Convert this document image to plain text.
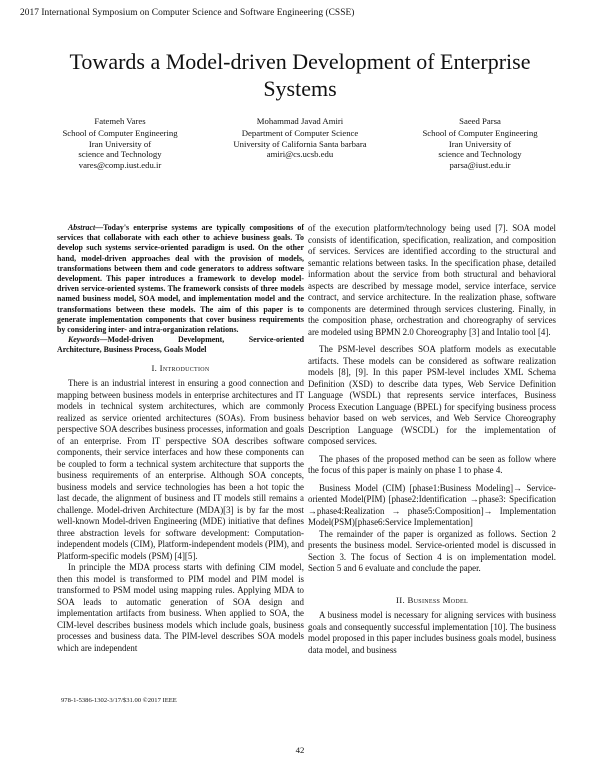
2017 International Symposium on Computer Science and Software Engineering (CSSE)
Towards a Model-driven Development of Enterprise Systems
Fatemeh Vares
School of Computer Engineering
Iran University of
science and Technology
vares@comp.iust.edu.ir
Mohammad Javad Amiri
Department of Computer Science
University of California Santa barbara
amiri@cs.ucsb.edu
Saeed Parsa
School of Computer Engineering
Iran University of
science and Technology
parsa@iust.edu.ir

Abstract—Today's enterprise systems are typically compositions of services that collaborate with each other to achieve business goals. To develop such systems service-oriented paradigm is used. On the other hand, model-driven approaches deal with the provision of models, transformations between them and code generators to address software development. This paper introduces a framework to develop model-driven service-oriented systems. The framework consists of three models named business model, SOA model, and implementation model and the transformations between these models. The aim of this paper is to generate implementation components that cover business requirements by considering inter- and intra-organization relations.

Keywords—Model-driven Development, Service-oriented Architecture, Business Process, Goals Model

I. Introduction

There is an industrial interest in ensuring a good connection and mapping between business models in enterprise architectures and IT models in technical system architectures, which are commonly realized as service oriented architectures (SOAs). From business perspective SOA describes business processes, information and goals of an enterprise. From IT perspective SOA describes software components, their service interfaces and how these components can be coupled to form a technical system architecture that supports the business requirements of an enterprise. Although SOA concepts, business models and service technologies has been a hot topic the last decade, the alignment of business and IT models still remains a challenge. Model-driven Architecture (MDA)[3] is by far the most well-known Model-driven Engineering (MDE) initiative that defines three abstraction levels for software development: Computation-independent models (CIM), Platform-independent models (PIM), and Platform-specific models (PSM) [4][5].

In principle the MDA process starts with defining CIM model, then this model is transformed to PIM model and PIM model is transformed to PSM model using mapping rules. Applying MDA to SOA leads to automatic generation of SOA design and implementation artifacts from business. When applied to SOA, the CIM-level describes business models which include goals, business processes and business data. The PIM-level describes SOA models which are independent

of the execution platform/technology being used [7]. SOA model consists of identification, specification, realization, and composition of services. Services are identified according to the structural and semantic relations between tasks. In the specification phase, detailed information about the service from both structural and behavioral aspects are described by message model, service interface, service contract, and service architecture. In the realization phase, software components are determined through services clustering. Finally, in the composition phase, orchestration and choreography of services are modeled using BPMN 2.0 Choreography [3] and Intalio tool [4].

The PSM-level describes SOA platform models as executable artifacts. These models can be considered as software realization models [8], [9]. In this paper PSM-level includes XML Schema Definition (XSD) to describe data types, Web Service Definition Language (WSDL) that represents service interfaces, Business Process Execution Language (BPEL) for specifying business process behavior based on web services, and Web Service Choreography Description Language (WSCDL) for the implementation of composed services.

The phases of the proposed method can be seen as follow where the focus of this paper is mainly on phase 1 to phase 4.

Business Model (CIM) [phase1:Business Modeling]→ Service-oriented Model(PIM) [phase2:Identification →phase3: Specification →phase4:Realization → phase5:Composition]→ Implementation Model(PSM)[phase6:Service Implementation]

The remainder of the paper is organized as follows. Section 2 presents the business model. Service-oriented model is discussed in Section 3. The focus of Section 4 is on implementation model. Section 5 and 6 evaluate and conclude the paper.

II. Business Model

A business model is necessary for aligning services with business goals and consequently successful implementation [10]. The business model proposed in this paper includes business goals model, business data model, and business

978-1-5386-1302-3/17/$31.00 ©2017 IEEE
42
